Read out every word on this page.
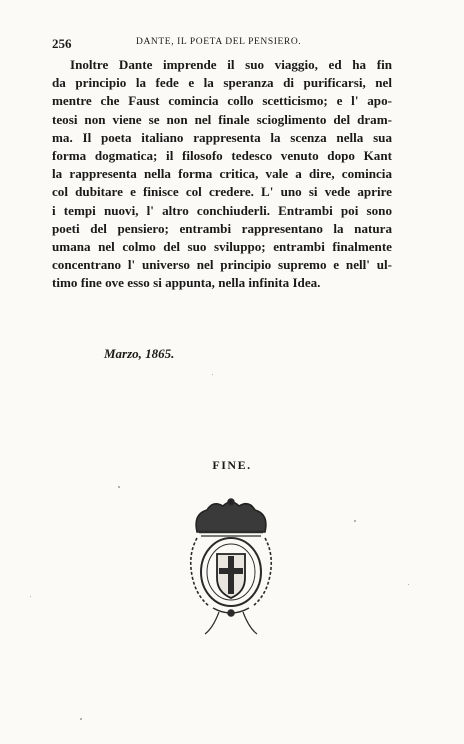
256	DANTE, IL POETA DEL PENSIERO.
Inoltre Dante imprende il suo viaggio, ed ha fin
da principio la fede e la speranza di purificarsi, nel
mentre che Faust comincia collo scetticismo; e l' apo-
teosi non viene se non nel finale scioglimento del dram-
ma. Il poeta italiano rappresenta la scenza nella sua
forma dogmatica; il filosofo tedesco venuto dopo Kant
la rappresenta nella forma critica, vale a dire, comincia
col dubitare e finisce col credere. L' uno si vede aprire
i tempi nuovi, l' altro conchiuderli. Entrambi poi sono
poeti del pensiero; entrambi rappresentano la natura
umana nel colmo del suo sviluppo; entrambi finalmente
concentrano l' universo nel principio supremo e nell' ul-
timo fine ove esso si appunta, nella infinita Idea.
Marzo, 1865.
FINE.
